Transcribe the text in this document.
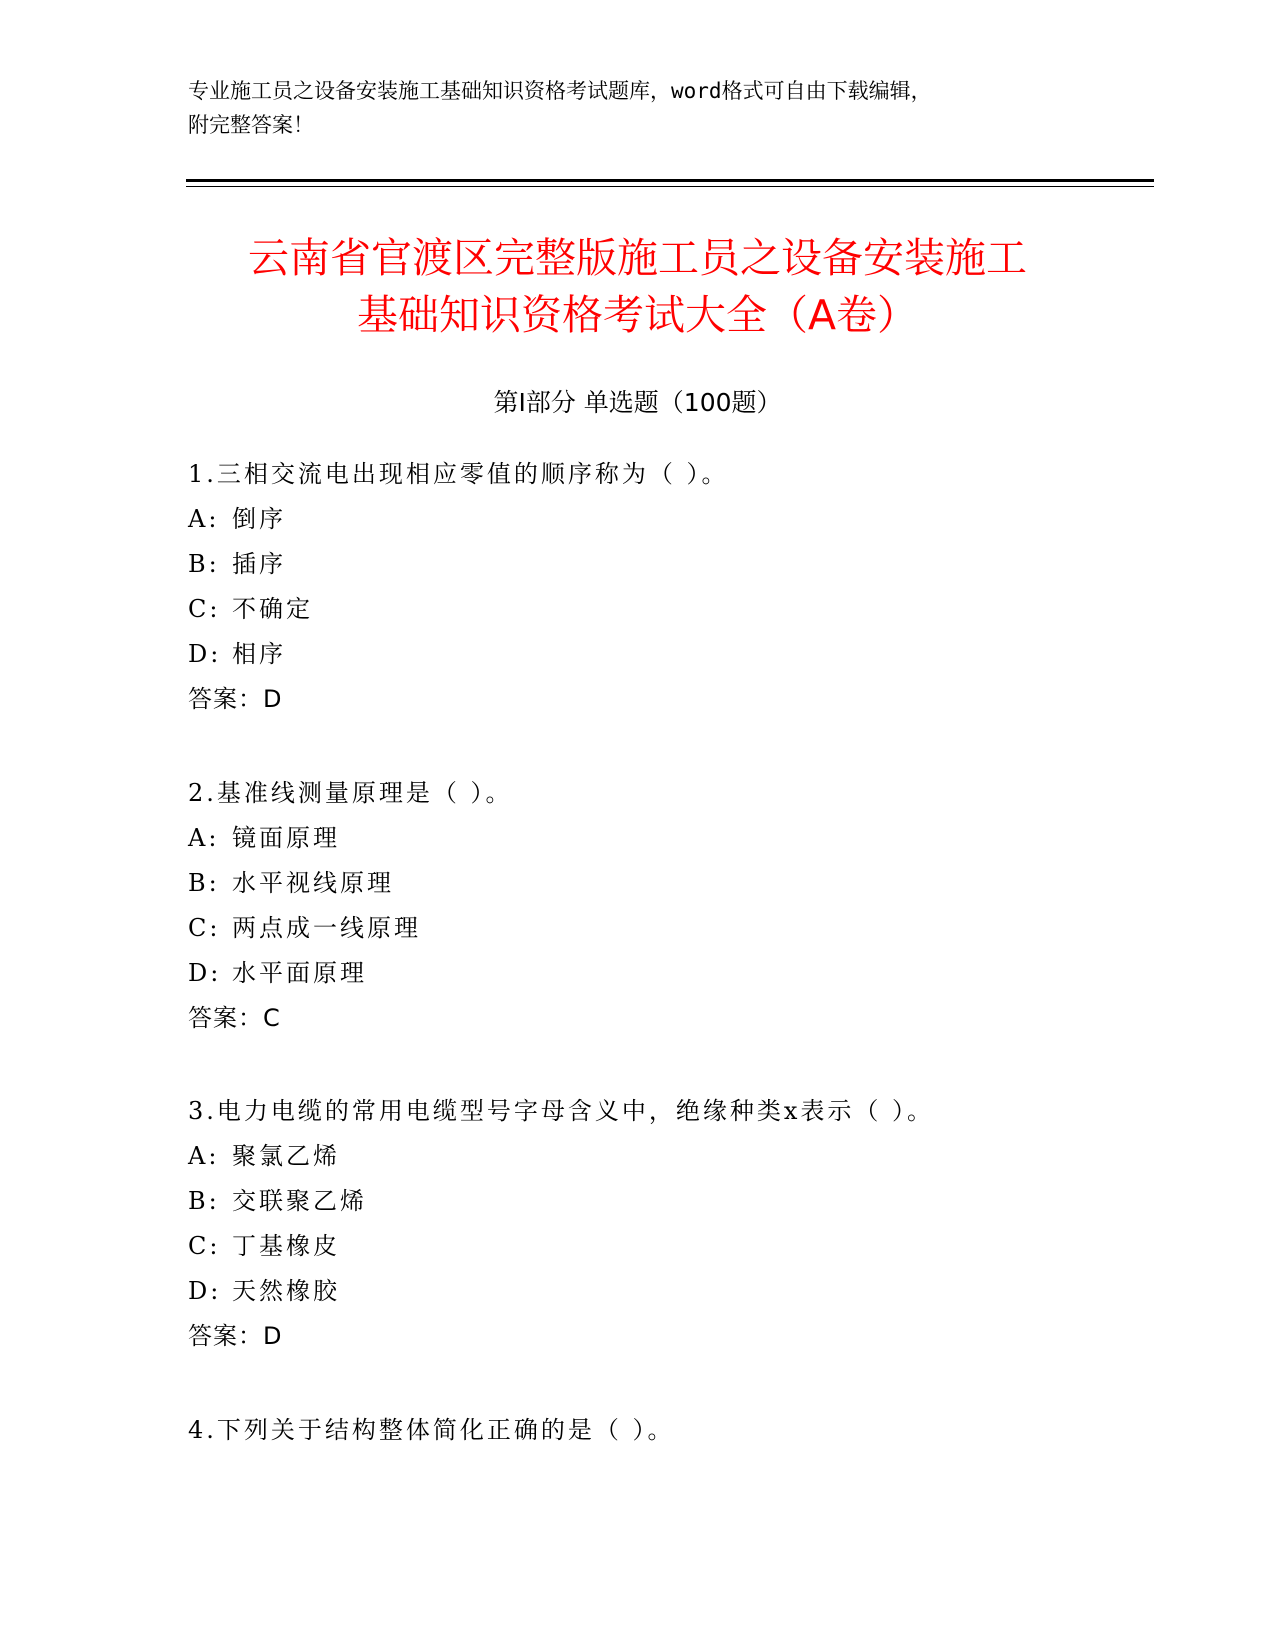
专业施工员之设备安装施工基础知识资格考试题库，word格式可自由下载编辑，
附完整答案！
云南省官渡区完整版施工员之设备安装施工
基础知识资格考试大全（A卷）
第Ⅰ部分 单选题（100题）
1.三相交流电出现相应零值的顺序称为（ ）。
A: 倒序
B: 插序
C: 不确定
D: 相序
答案：D
2.基准线测量原理是（ ）。
A: 镜面原理
B: 水平视线原理
C: 两点成一线原理
D: 水平面原理
答案：C
3.电力电缆的常用电缆型号字母含义中，绝缘种类x表示（ ）。
A: 聚氯乙烯
B: 交联聚乙烯
C: 丁基橡皮
D: 天然橡胶
答案：D
4.下列关于结构整体简化正确的是（ ）。
